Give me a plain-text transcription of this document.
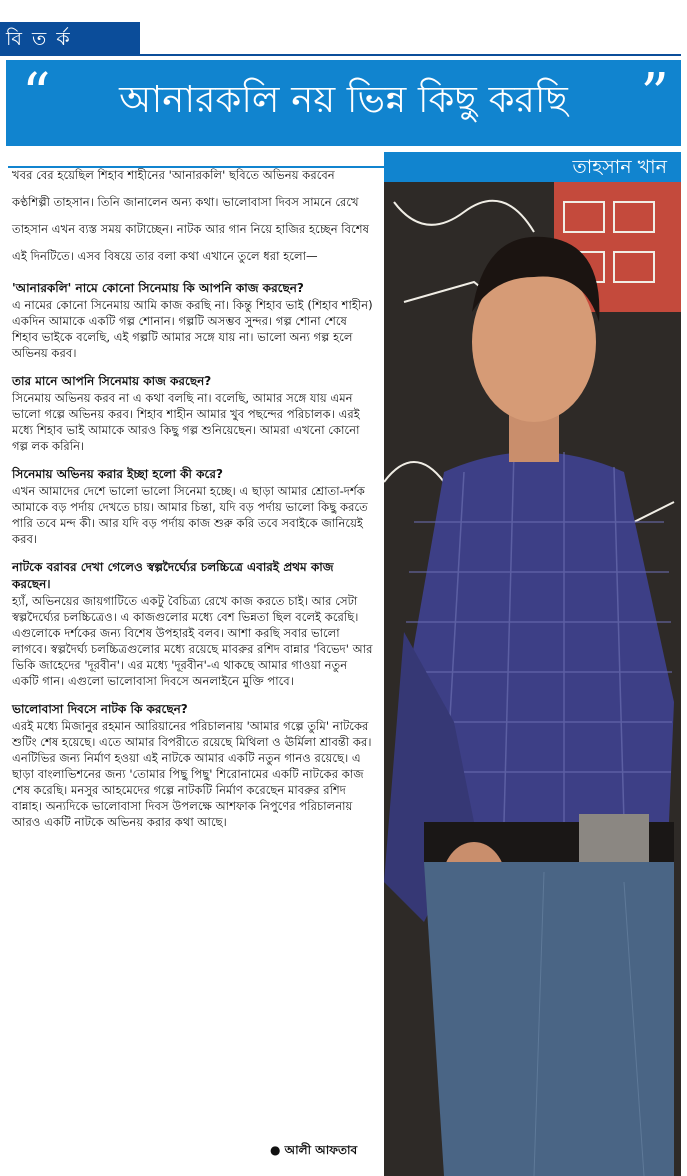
বি ত র্ক
“	আনারকলি নয় ভিন্ন কিছু করছি	”
তাহসান খান

খবর বের হয়েছিল শিহাব শাহীনের 'আনারকলি' ছবিতে অভিনয় করবেন কণ্ঠশিল্পী তাহসান। তিনি জানালেন অন্য কথা। ভালোবাসা দিবস সামনে রেখে তাহসান এখন ব্যস্ত সময় কাটাচ্ছেন। নাটক আর গান নিয়ে হাজির হচ্ছেন বিশেষ এই দিনটিতে। এসব বিষয়ে তার বলা কথা এখানে তুলে ধরা হলো—

'আনারকলি' নামে কোনো সিনেমায় কি আপনি কাজ করছেন?

এ নামের কোনো সিনেমায় আমি কাজ করছি না। কিন্তু শিহাব ভাই (শিহাব শাহীন) একদিন আমাকে একটি গল্প শোনান। গল্পটি অসম্ভব সুন্দর। গল্প শোনা শেষে শিহাব ভাইকে বলেছি, এই গল্পটি আমার সঙ্গে যায় না। ভালো অন্য গল্প হলে অভিনয় করব।

তার মানে আপনি সিনেমায় কাজ করছেন?

সিনেমায় অভিনয় করব না এ কথা বলছি না। বলেছি, আমার সঙ্গে যায় এমন ভালো গল্পে অভিনয় করব। শিহাব শাহীন আমার খুব পছন্দের পরিচালক। এরই মধ্যে শিহাব ভাই আমাকে আরও কিছু গল্প শুনিয়েছেন। আমরা এখনো কোনো গল্প লক করিনি।

সিনেমায় অভিনয় করার ইচ্ছা হলো কী করে?

এখন আমাদের দেশে ভালো ভালো সিনেমা হচ্ছে। এ ছাড়া আমার শ্রোতা-দর্শক আমাকে বড় পর্দায় দেখতে চায়। আমার চিন্তা, যদি বড় পর্দায় ভালো কিছু করতে পারি তবে মন্দ কী। আর যদি বড় পর্দায় কাজ শুরু করি তবে সবাইকে জানিয়েই করব।

নাটকে বরাবর দেখা গেলেও স্বল্পদৈর্ঘ্যের চলচ্চিত্রে এবারই প্রথম কাজ করছেন।

হ্যাঁ, অভিনয়ের জায়গাটিতে একটু বৈচিত্র্য রেখে কাজ করতে চাই। আর সেটা স্বল্পদৈর্ঘ্যের চলচ্চিত্রেও। এ কাজগুলোর মধ্যে বেশ ভিন্নতা ছিল বলেই করেছি। এগুলোকে দর্শকের জন্য বিশেষ উপহারই বলব। আশা করছি সবার ভালো লাগবে। স্বল্পদৈর্ঘ্য চলচ্চিত্রগুলোর মধ্যে রয়েছে মাবরুর রশিদ বান্নার 'বিভেদ' আর ভিকি জাহেদের 'দূরবীন'। এর মধ্যে 'দূরবীন'-এ থাকছে আমার গাওয়া নতুন একটি গান। এগুলো ভালোবাসা দিবসে অনলাইনে মুক্তি পাবে।

ভালোবাসা দিবসে নাটক কি করছেন?

এরই মধ্যে মিজানুর রহমান আরিয়ানের পরিচালনায় 'আমার গল্পে তুমি' নাটকের শুটিং শেষ হয়েছে। এতে আমার বিপরীতে রয়েছে মিথিলা ও ঊর্মিলা শ্রাবন্তী কর। এনটিভির জন্য নির্মাণ হওয়া এই নাটকে আমার একটি নতুন গানও রয়েছে। এ ছাড়া বাংলাভিশনের জন্য 'তোমার পিছু পিছু' শিরোনামের একটি নাটকের কাজ শেষ করেছি। মনসুর আহমেদের গল্পে নাটকটি নির্মাণ করেছেন মাবরুর রশিদ বান্নাহ। অন্যদিকে ভালোবাসা দিবস উপলক্ষে আশফাক নিপুণের পরিচালনায় আরও একটি নাটকে অভিনয় করার কথা আছে।

● আলী আফতাব
